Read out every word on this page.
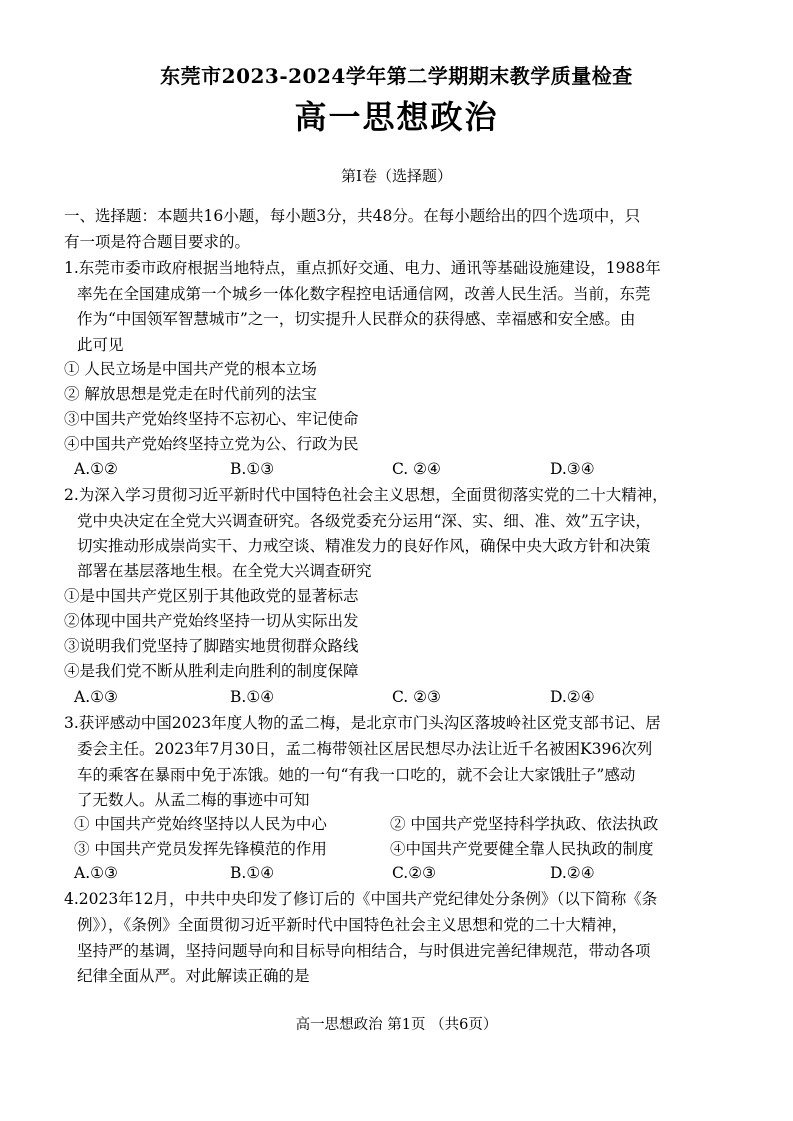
东莞市2023-2024学年第二学期期末教学质量检查
高一思想政治
第Ⅰ卷（选择题）
一、选择题：本题共16小题，每小题3分，共48分。在每小题给出的四个选项中，只
有一项是符合题目要求的。
1.东莞市委市政府根据当地特点，重点抓好交通、电力、通讯等基础设施建设，1988年
率先在全国建成第一个城乡一体化数字程控电话通信网，改善人民生活。当前，东莞
作为“中国领军智慧城市”之一，切实提升人民群众的获得感、幸福感和安全感。由
此可见
① 人民立场是中国共产党的根本立场
② 解放思想是党走在时代前列的法宝
③中国共产党始终坚持不忘初心、牢记使命
④中国共产党始终坚持立党为公、行政为民
A.①②	B.①③	C. ②④	D.③④
2.为深入学习贯彻习近平新时代中国特色社会主义思想，全面贯彻落实党的二十大精神，
党中央决定在全党大兴调查研究。各级党委充分运用“深、实、细、准、效”五字诀，
切实推动形成崇尚实干、力戒空谈、精准发力的良好作风，确保中央大政方针和决策
部署在基层落地生根。在全党大兴调查研究
①是中国共产党区别于其他政党的显著标志
②体现中国共产党始终坚持一切从实际出发
③说明我们党坚持了脚踏实地贯彻群众路线
④是我们党不断从胜利走向胜利的制度保障
A.①③	B.①④	C. ②③	D.②④
3.获评感动中国2023年度人物的孟二梅，是北京市门头沟区落坡岭社区党支部书记、居
委会主任。2023年7月30日，孟二梅带领社区居民想尽办法让近千名被困K396次列
车的乘客在暴雨中免于冻饿。她的一句“有我一口吃的，就不会让大家饿肚子”感动
了无数人。从孟二梅的事迹中可知
① 中国共产党始终坚持以人民为中心	② 中国共产党坚持科学执政、依法执政
③ 中国共产党员发挥先锋模范的作用	④中国共产党要健全靠人民执政的制度
A.①③	B.①④	C.②③	D.②④
4.2023年12月，中共中央印发了修订后的《中国共产党纪律处分条例》（以下简称《条
例》），《条例》全面贯彻习近平新时代中国特色社会主义思想和党的二十大精神，
坚持严的基调，坚持问题导向和目标导向相结合，与时俱进完善纪律规范，带动各项
纪律全面从严。对此解读正确的是
高一思想政治 第1页 （共6页）
